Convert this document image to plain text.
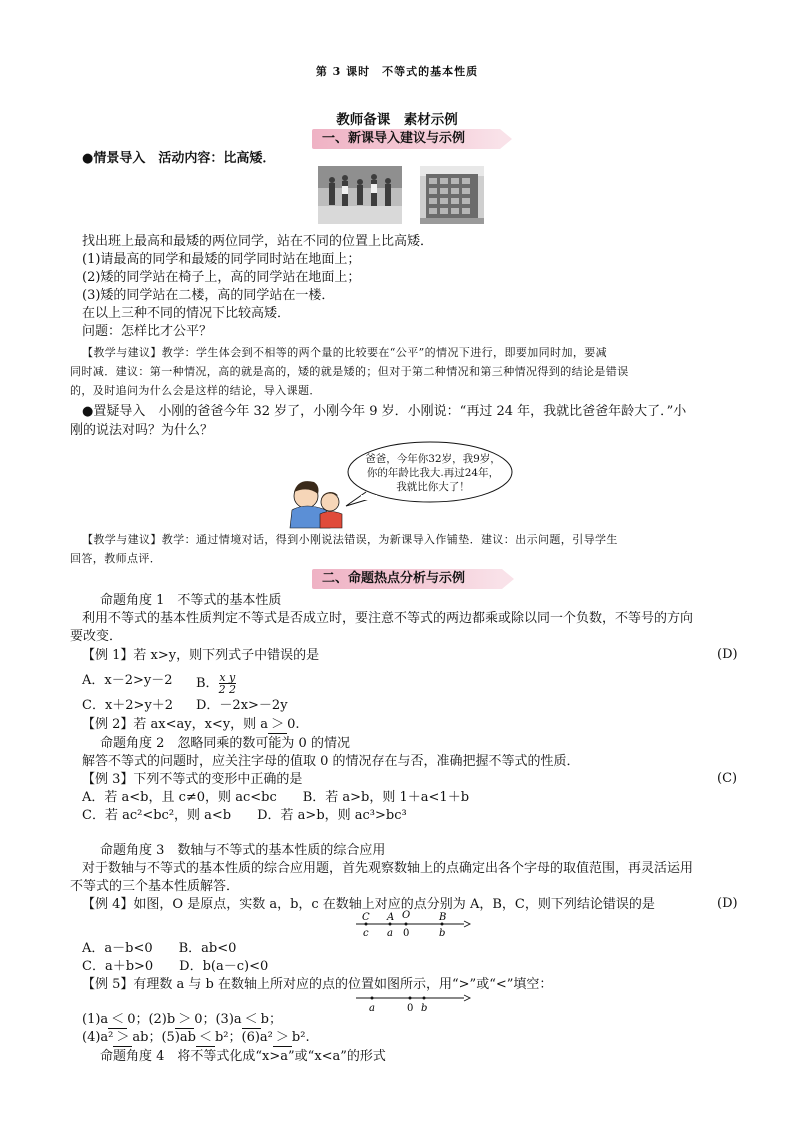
第 3 课时　不等式的基本性质
教师备课　素材示例
一、新课导入建议与示例
●情景导入　活动内容：比高矮．
找出班上最高和最矮的两位同学，站在不同的位置上比高矮．
(1)请最高的同学和最矮的同学同时站在地面上；
(2)矮的同学站在椅子上，高的同学站在地面上；
(3)矮的同学站在二楼，高的同学站在一楼．
在以上三种不同的情况下比较高矮．
问题：怎样比才公平？
【教学与建议】教学：学生体会到不相等的两个量的比较要在“公平”的情况下进行，即要加同时加，要减
同时减．建议：第一种情况，高的就是高的，矮的就是矮的；但对于第二种情况和第三种情况得到的结论是错误
的，及时追问为什么会是这样的结论，导入课题．
●置疑导入　小刚的爸爸今年 32 岁了，小刚今年 9 岁．小刚说：“再过 24 年，我就比爸爸年龄大了．”小
刚的说法对吗？为什么？
爸爸，今年你32岁，我9岁，
你的年龄比我大.再过24年，
我就比你大了！
【教学与建议】教学：通过情境对话，得到小刚说法错误，为新课导入作铺垫．建议：出示问题，引导学生
回答，教师点评．
二、命题热点分析与示例
命题角度 1　不等式的基本性质
利用不等式的基本性质判定不等式是否成立时，要注意不等式的两边都乘或除以同一个负数，不等号的方向
要改变．
【例 1】若 x>y，则下列式子中错误的是	(D)
A．x－2>y－2 B． $\frac{\text{x y}}{2 2}$
C．x＋2>y＋2 D．－2x>－2y
【例 2】若 ax<ay，x<y，则 a ＞ 0.
命题角度 2　忽略同乘的数可能为 0 的情况
解答不等式的问题时，应关注字母的值取 0 的情况存在与否，准确把握不等式的性质．
【例 3】下列不等式的变形中正确的是	(C)
A．若 a<b，且 c≠0，则 ac<bc　　B．若 a>b，则 1＋a<1＋b
C．若 ac²<bc²，则 a<b　　D．若 a>b，则 ac³>bc³
命题角度 3　数轴与不等式的基本性质的综合应用
对于数轴与不等式的基本性质的综合应用题，首先观察数轴上的点确定出各个字母的取值范围，再灵活运用
不等式的三个基本性质解答．
【例 4】如图，O 是原点，实数 a，b，c 在数轴上对应的点分别为 A，B，C，则下列结论错误的是	(D)
C A O	B
c a 0	b
A．a－b<0　　B．ab<0
C．a＋b>0　　D．b(a－c)<0
【例 5】有理数 a 与 b 在数轴上所对应的点的位置如图所示，用“>”或“<”填空：
a	0 b
(1)a ＜ 0；(2)b ＞ 0；(3)a ＜ b；
(4)a² ＞ ab；(5)ab ＜ b²；(6)a² ＞ b².
命题角度 4　将不等式化成“x>a”或“x<a”的形式
